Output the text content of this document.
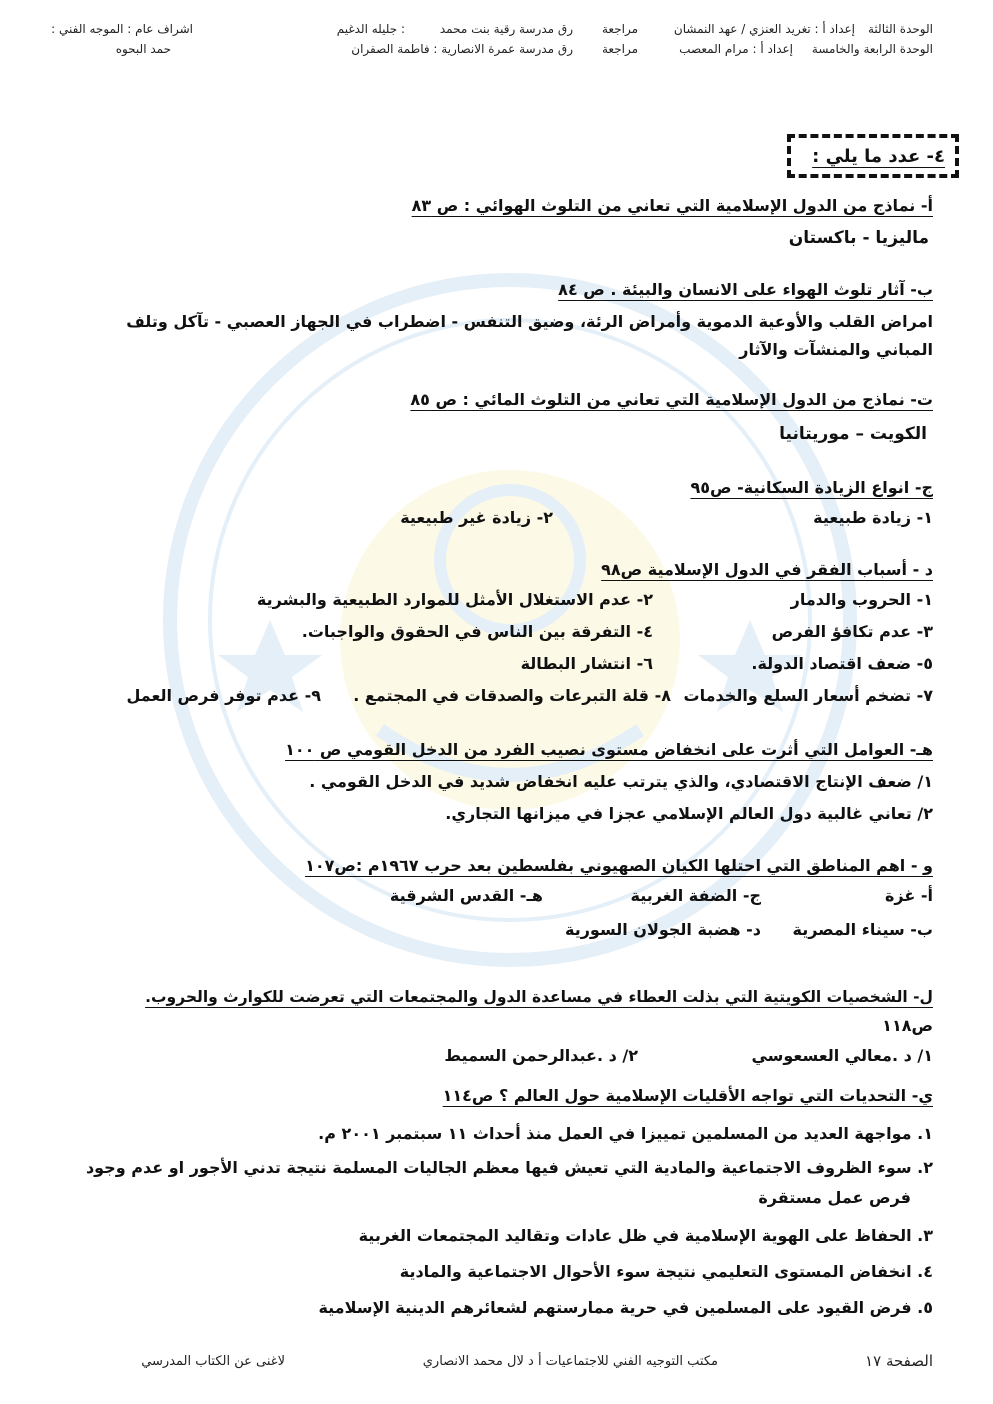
الوحدة الثالثة
إعداد أ : تغريد العنزي / عهد النمشان
مراجعة
رق مدرسة رقية بنت محمد
: جليله الدغيم
اشراف عام : الموجه الفني :
الوحدة الرابعة والخامسة
إعداد أ : مرام المعصب
مراجعة
رق مدرسة عمرة الانصارية : فاطمة الصفران
حمد البحوه
٤- عدد ما يلي :
أ- نماذج من الدول الإسلامية التي تعاني من التلوث الهوائي : ص ٨٣
ماليزيا - باكستان
ب- آثار تلوث الهواء على الانسان والبيئة . ص ٨٤
امراض القلب والأوعية الدموية وأمراض الرئة، وضيق التنفس - اضطراب في الجهاز العصبي - تآكل وتلف
المباني والمنشآت والآثار
ت- نماذج من الدول الإسلامية التي تعاني من التلوث المائي : ص ٨٥
الكويت – موريتانيا
ج- انواع الزيادة السكانية- ص٩٥
١- زيادة طبيعية
٢- زيادة غير طبيعية
د - أسباب الفقر في الدول الإسلامية ص٩٨
١- الحروب والدمار
٢- عدم الاستغلال الأمثل للموارد الطبيعية والبشرية
٣- عدم تكافؤ الفرص
٤- التفرقة بين الناس في الحقوق والواجبات.
٥- ضعف اقتصاد الدولة.
٦- انتشار البطالة
٧- تضخم أسعار السلع والخدمات
٨- قلة التبرعات والصدقات في المجتمع .
٩- عدم توفر فرص العمل
هـ- العوامل التي أثرت على انخفاض مستوى نصيب الفرد من الدخل القومي ص ١٠٠
١/ ضعف الإنتاج الاقتصادي، والذي يترتب عليه انخفاض شديد في الدخل القومي .
٢/ تعاني غالبية دول العالم الإسلامي عجزا في ميزانها التجاري.
و - اهم المناطق التي احتلها الكيان الصهيوني بفلسطين بعد حرب ١٩٦٧م :ص١٠٧
أ- غزة
ج- الضفة الغربية
هـ- القدس الشرقية
ب- سيناء المصرية
د- هضبة الجولان السورية
ل- الشخصيات الكويتية التي بذلت العطاء في مساعدة الدول والمجتمعات التي تعرضت للكوارث والحروب.
ص١١٨
١/ د .معالي العسعوسي
٢/ د .عبدالرحمن السميط
ي- التحديات التي تواجه الأقليات الإسلامية حول العالم ؟ ص١١٤
١. مواجهة العديد من المسلمين تمييزا في العمل منذ أحداث ١١ سبتمبر ٢٠٠١ م.
٢. سوء الظروف الاجتماعية والمادية التي تعيش فيها معظم الجاليات المسلمة نتيجة تدني الأجور او عدم وجود
فرص عمل مستقرة
٣. الحفاظ على الهوية الإسلامية في ظل عادات وتقاليد المجتمعات الغربية
٤. انخفاض المستوى التعليمي نتيجة سوء الأحوال الاجتماعية والمادية
٥. فرض القيود على المسلمين في حرية ممارستهم لشعائرهم الدينية الإسلامية
الصفحة ١٧
مكتب التوجيه الفني للاجتماعيات أ د لال محمد الانصاري
لاغنى عن الكتاب المدرسي
